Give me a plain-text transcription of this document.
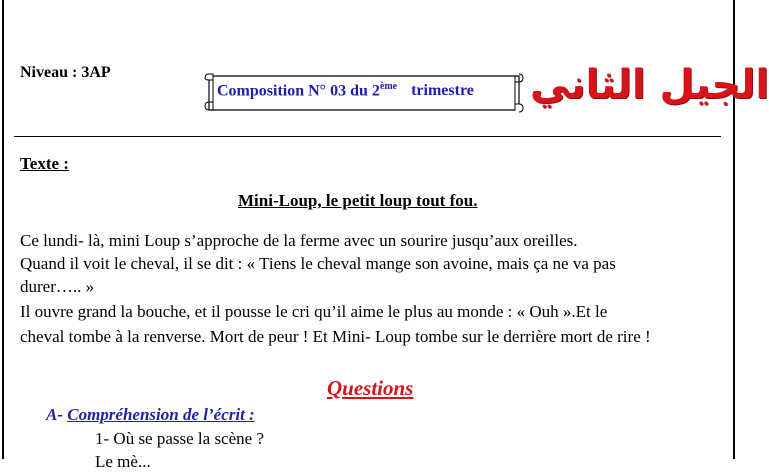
Niveau : 3AP
Composition N° 03 du 2ème trimestre الجيل الثاني
Texte :
Mini-Loup, le petit loup tout fou.
Ce lundi- là, mini Loup s’approche de la ferme avec un sourire jusqu’aux oreilles.
Quand il voit le cheval, il se dit : « Tiens le cheval mange son avoine, mais ça ne va pas
durer….. »
Il ouvre grand la bouche, et il pousse le cri qu’il aime le plus au monde : « Ouh ».Et le
cheval tombe à la renverse. Mort de peur ! Et Mini- Loup tombe sur le derrière mort de rire !
Questions
A- Compréhension de l’écrit :
1- Où se passe la scène ?
Le mè...
